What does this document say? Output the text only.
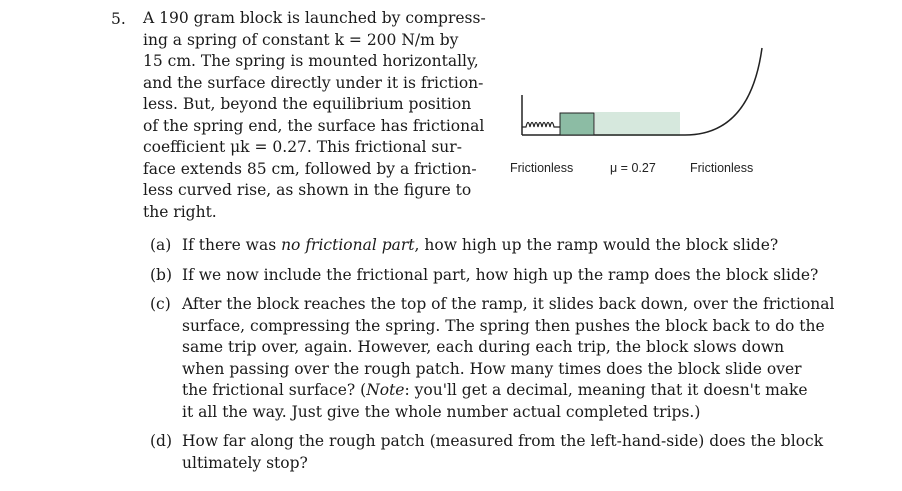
5. A 190 gram block is launched by compress-
ing a spring of constant k = 200 N/m by
15 cm. The spring is mounted horizontally,
and the surface directly under it is friction-
less. But, beyond the equilibrium position
of the spring end, the surface has frictional
coefficient μk = 0.27. This frictional sur-
face extends 85 cm, followed by a friction-
less curved rise, as shown in the figure to
the right.
Frictionless	μ = 0.27	Frictionless
(a) If there was no frictional part, how high up the ramp would the block slide?
(b) If we now include the frictional part, how high up the ramp does the block slide?
(c) After the block reaches the top of the ramp, it slides back down, over the frictional
surface, compressing the spring. The spring then pushes the block back to do the
same trip over, again. However, each during each trip, the block slows down
when passing over the rough patch. How many times does the block slide over
the frictional surface? (Note: you'll get a decimal, meaning that it doesn't make
it all the way. Just give the whole number actual completed trips.)
(d) How far along the rough patch (measured from the left-hand-side) does the block
ultimately stop?
